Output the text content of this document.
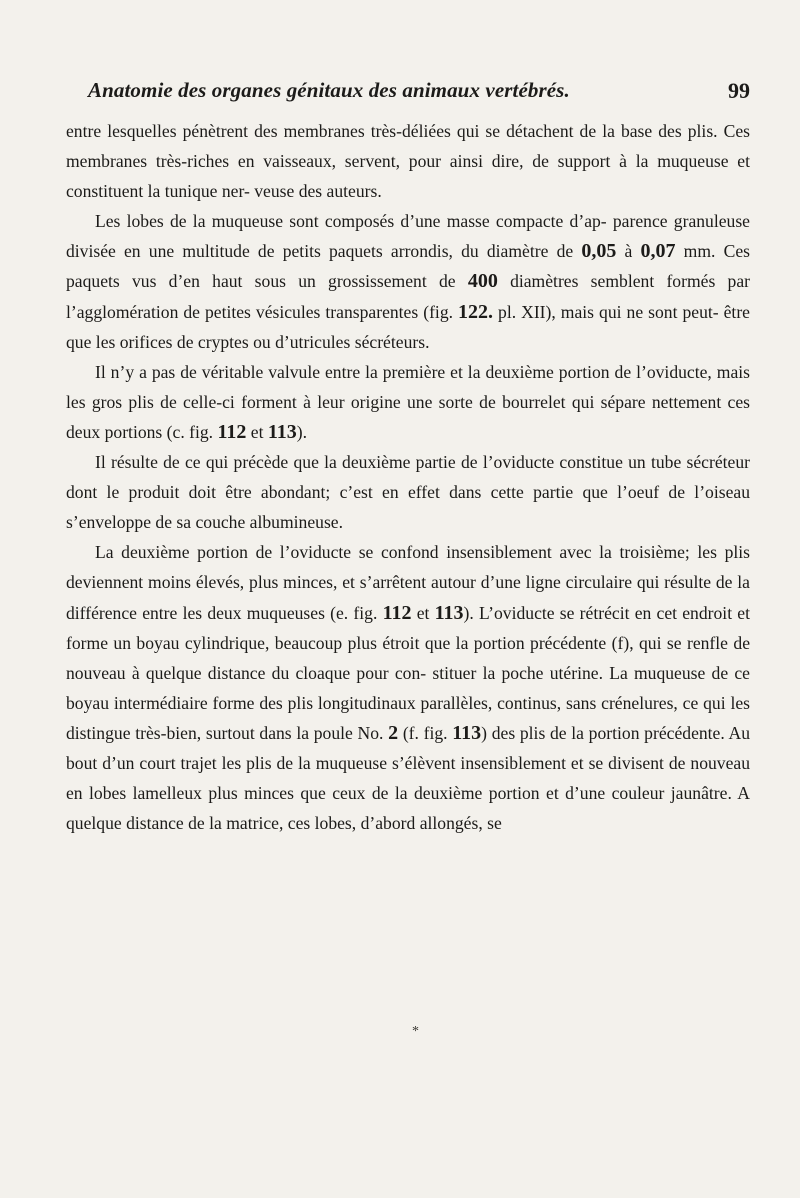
Anatomie des organes génitaux des animaux vertébrés.	99

entre lesquelles pénètrent des membranes très-déliées qui se détachent de la base des plis. Ces membranes très-riches en vaisseaux, servent, pour ainsi dire, de support à la muqueuse et constituent la tunique ner- veuse des auteurs.

Les lobes de la muqueuse sont composés d’une masse compacte d’ap- parence granuleuse divisée en une multitude de petits paquets arrondis, du diamètre de 0,05 à 0,07 mm. Ces paquets vus d’en haut sous un grossissement de 400 diamètres semblent formés par l’agglomération de petites vésicules transparentes (fig. 122. pl. XII), mais qui ne sont peut- être que les orifices de cryptes ou d’utricules sécréteurs.

Il n’y a pas de véritable valvule entre la première et la deuxième portion de l’oviducte, mais les gros plis de celle-ci forment à leur origine une sorte de bourrelet qui sépare nettement ces deux portions (c. fig. 112 et 113).

Il résulte de ce qui précède que la deuxième partie de l’oviducte constitue un tube sécréteur dont le produit doit être abondant; c’est en effet dans cette partie que l’oeuf de l’oiseau s’enveloppe de sa couche albumineuse.

La deuxième portion de l’oviducte se confond insensiblement avec la troisième; les plis deviennent moins élevés, plus minces, et s’arrêtent autour d’une ligne circulaire qui résulte de la différence entre les deux muqueuses (e. fig. 112 et 113). L’oviducte se rétrécit en cet endroit et forme un boyau cylindrique, beaucoup plus étroit que la portion précédente (f), qui se renfle de nouveau à quelque distance du cloaque pour con- stituer la poche utérine. La muqueuse de ce boyau intermédiaire forme des plis longitudinaux parallèles, continus, sans crénelures, ce qui les distingue très-bien, surtout dans la poule No. 2 (f. fig. 113) des plis de la portion précédente. Au bout d’un court trajet les plis de la muqueuse s’élèvent insensiblement et se divisent de nouveau en lobes lamelleux plus minces que ceux de la deuxième portion et d’une couleur jaunâtre. A quelque distance de la matrice, ces lobes, d’abord allongés, se

*
